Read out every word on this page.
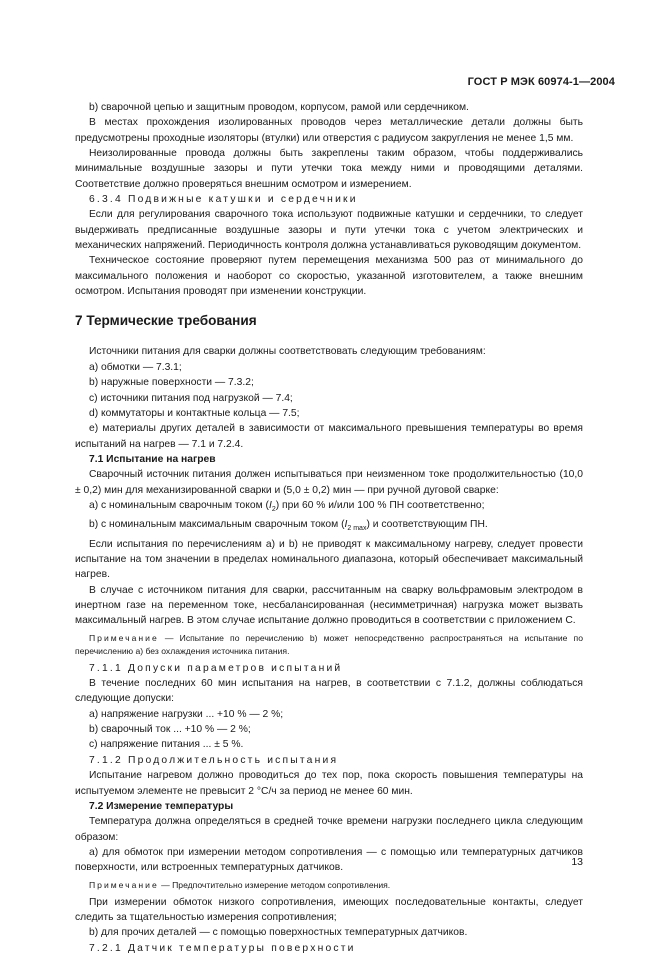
ГОСТ Р МЭК 60974-1—2004

b) сварочной цепью и защитным проводом, корпусом, рамой или сердечником.

В местах прохождения изолированных проводов через металлические детали должны быть предусмотрены проходные изоляторы (втулки) или отверстия с радиусом закругления не менее 1,5 мм.

Неизолированные провода должны быть закреплены таким образом, чтобы поддерживались минимальные воздушные зазоры и пути утечки тока между ними и проводящими деталями. Соответствие должно проверяться внешним осмотром и измерением.

6.3.4 Подвижные катушки и сердечники

Если для регулирования сварочного тока используют подвижные катушки и сердечники, то следует выдерживать предписанные воздушные зазоры и пути утечки тока с учетом электрических и механических напряжений. Периодичность контроля должна устанавливаться руководящим документом.

Техническое состояние проверяют путем перемещения механизма 500 раз от минимального до максимального положения и наоборот со скоростью, указанной изготовителем, а также внешним осмотром. Испытания проводят при изменении конструкции.

7 Термические требования

Источники питания для сварки должны соответствовать следующим требованиям:

а) обмотки — 7.3.1;

b) наружные поверхности — 7.3.2;

с) источники питания под нагрузкой — 7.4;

d) коммутаторы и контактные кольца — 7.5;

е) материалы других деталей в зависимости от максимального превышения температуры во время испытаний на нагрев — 7.1 и 7.2.4.

7.1 Испытание на нагрев

Сварочный источник питания должен испытываться при неизменном токе продолжительностью (10,0 ± 0,2) мин для механизированной сварки и (5,0 ± 0,2) мин — при ручной дуговой сварке:

а) с номинальным сварочным током $(I_2)$ при 60 % и/или 100 % ПН соответственно;

b) с номинальным максимальным сварочным током $(I_{2 max})$ и соответствующим ПН.

Если испытания по перечислениям а) и b) не приводят к максимальному нагреву, следует провести испытание на том значении в пределах номинального диапазона, который обеспечивает максимальный нагрев.

В случае с источником питания для сварки, рассчитанным на сварку вольфрамовым электродом в инертном газе на переменном токе, несбалансированная (несимметричная) нагрузка может вызвать максимальный нагрев. В этом случае испытание должно проводиться в соответствии с приложением С.

Примечание — Испытание по перечислению b) может непосредственно распространяться на испытание по перечислению а) без охлаждения источника питания.

7.1.1 Допуски параметров испытаний

В течение последних 60 мин испытания на нагрев, в соответствии с 7.1.2, должны соблюдаться следующие допуски:

а) напряжение нагрузки ... +10 % — 2 %;

b) сварочный ток ... +10 % — 2 %;

с) напряжение питания ... ± 5 %.

7.1.2 Продолжительность испытания

Испытание нагревом должно проводиться до тех пор, пока скорость повышения температуры на испытуемом элементе не превысит 2 °С/ч за период не менее 60 мин.

7.2 Измерение температуры

Температура должна определяться в средней точке времени нагрузки последнего цикла следующим образом:

а) для обмоток при измерении методом сопротивления — с помощью или температурных датчиков поверхности, или встроенных температурных датчиков.

Примечание — Предпочтительно измерение методом сопротивления.

При измерении обмоток низкого сопротивления, имеющих последовательные контакты, следует следить за тщательностью измерения сопротивления;

b) для прочих деталей — с помощью поверхностных температурных датчиков.

7.2.1 Датчик температуры поверхности

13
